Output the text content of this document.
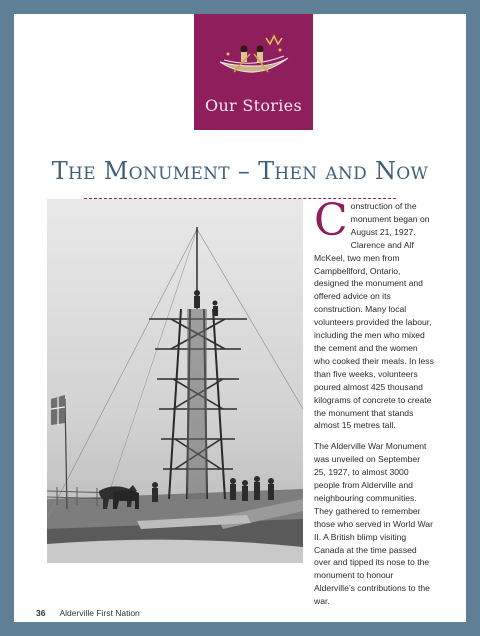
Our Stories
The Monument – Then and Now

Construction of the monument began on August 21, 1927. Clarence and Alf McKeel, two men from Campbellford, Ontario, designed the monument and offered advice on its construction. Many local volunteers provided the labour, including the men who mixed the cement and the women who cooked their meals. In less than five weeks, volunteers poured almost 425 thousand kilograms of concrete to create the monument that stands almost 15 metres tall.

The Alderville War Monument was unveiled on September 25, 1927, to almost 3000 people from Alderville and neighbouring communities. They gathered to remember those who served in World War II. A British blimp visiting Canada at the time passed over and tipped its nose to the monument to honour Alderville’s contributions to the war.

36 Alderville First Nation
